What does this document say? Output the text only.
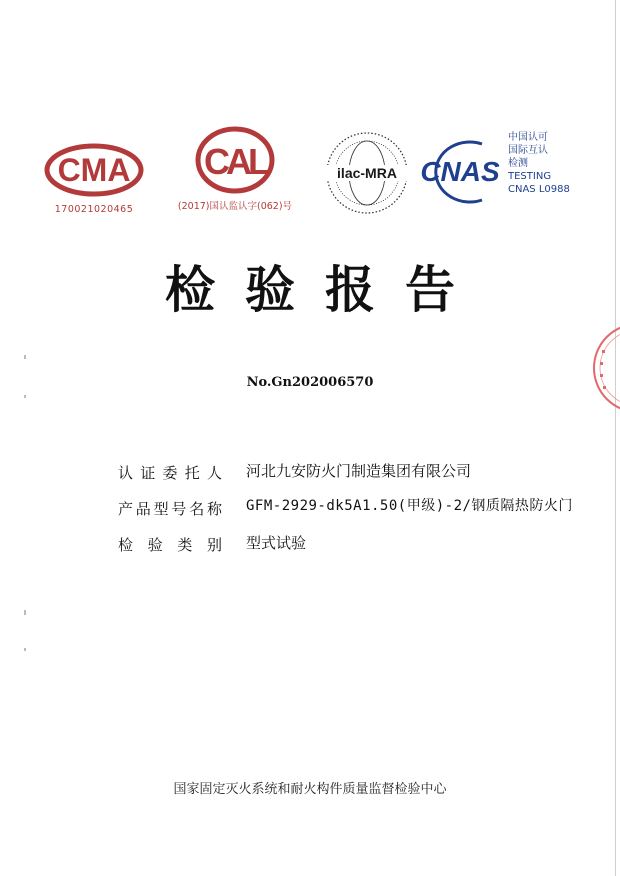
CMA
170021020465
CAL
(2017)国认监认字(062)号
ilac-MRA CNAS
中国认可
国际互认
检测
TESTING
CNAS L0988
检验报告
No.Gn202006570
认 证 委 托 人 河北九安防火门制造集团有限公司
产 品 型 号 名 称 GFM-2929-dk5A1.50(甲级)-2/钢质隔热防火门
检 验 类 别 型式试验
国家固定灭火系统和耐火构件质量监督检验中心
